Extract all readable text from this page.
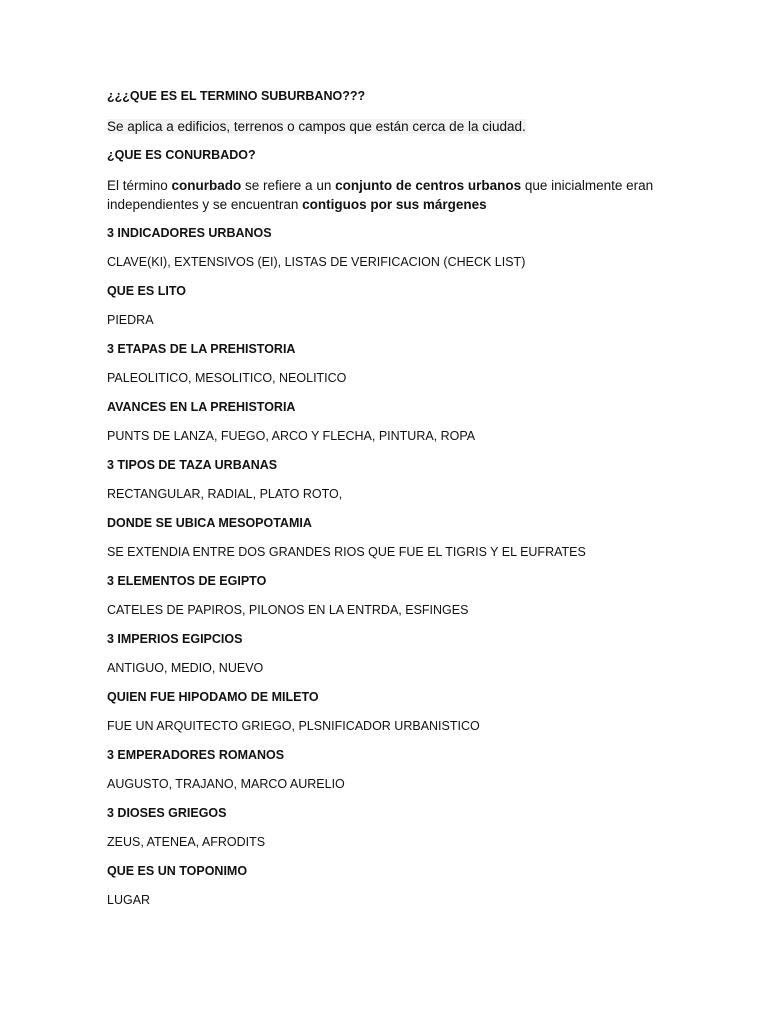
¿¿¿QUE ES EL TERMINO SUBURBANO???
Se aplica a edificios, terrenos o campos que están cerca de la ciudad.
¿QUE ES CONURBADO?
El término conurbado se refiere a un conjunto de centros urbanos que inicialmente eran independientes y se encuentran contiguos por sus márgenes
3 INDICADORES URBANOS
CLAVE(KI), EXTENSIVOS (EI), LISTAS DE VERIFICACION (CHECK LIST)
QUE ES LITO
PIEDRA
3 ETAPAS DE LA PREHISTORIA
PALEOLITICO, MESOLITICO, NEOLITICO
AVANCES EN LA PREHISTORIA
PUNTS DE LANZA, FUEGO, ARCO Y FLECHA, PINTURA, ROPA
3 TIPOS DE TAZA URBANAS
RECTANGULAR, RADIAL, PLATO ROTO,
DONDE SE UBICA MESOPOTAMIA
SE EXTENDIA ENTRE DOS GRANDES RIOS QUE FUE EL TIGRIS Y EL EUFRATES
3 ELEMENTOS DE EGIPTO
CATELES DE PAPIROS, PILONOS EN LA ENTRDA, ESFINGES
3 IMPERIOS EGIPCIOS
ANTIGUO, MEDIO, NUEVO
QUIEN FUE HIPODAMO DE MILETO
FUE UN ARQUITECTO GRIEGO, PLSNIFICADOR URBANISTICO
3 EMPERADORES ROMANOS
AUGUSTO, TRAJANO, MARCO AURELIO
3 DIOSES GRIEGOS
ZEUS, ATENEA, AFRODITS
QUE ES UN TOPONIMO
LUGAR
